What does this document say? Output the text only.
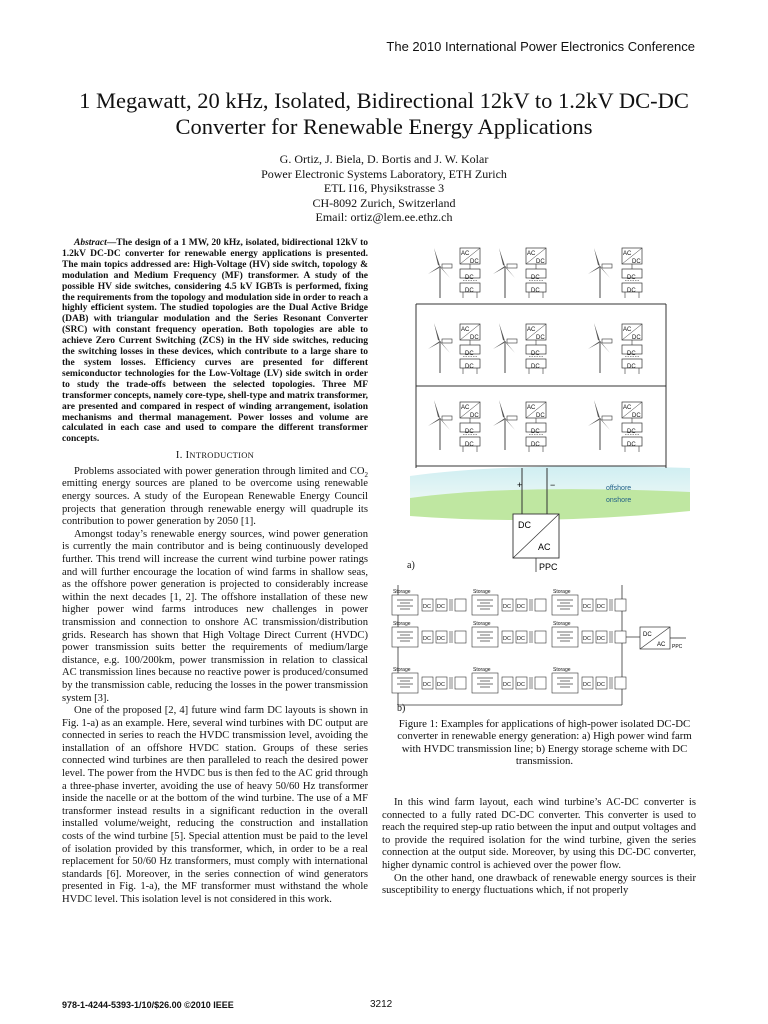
The 2010 International Power Electronics Conference
1 Megawatt, 20 kHz, Isolated, Bidirectional 12kV to 1.2kV DC-DC
Converter for Renewable Energy Applications
G. Ortiz, J. Biela, D. Bortis and J. W. Kolar
Power Electronic Systems Laboratory, ETH Zurich
ETL I16, Physikstrasse 3
CH-8092 Zurich, Switzerland
Email: ortiz@lem.ee.ethz.ch

Abstract—The design of a 1 MW, 20 kHz, isolated, bidirectional 12kV to 1.2kV DC-DC converter for renewable energy applications is presented. The main topics addressed are: High-Voltage (HV) side switch, topology & modulation and Medium Frequency (MF) transformer. A study of the possible HV side switches, considering 4.5 kV IGBTs is performed, fixing the requirements from the topology and modulation side in order to reach a highly efficient system. The studied topologies are the Dual Active Bridge (DAB) with triangular modulation and the Series Resonant Converter (SRC) with constant frequency operation. Both topologies are able to achieve Zero Current Switching (ZCS) in the HV side switches, reducing the switching losses in these devices, which contribute to a large share to the system losses. Efficiency curves are presented for different semiconductor technologies for the Low-Voltage (LV) side switch in order to study the trade-offs between the selected topologies. Three MF transformer concepts, namely core-type, shell-type and matrix transformer, are presented and compared in respect of winding arrangement, isolation mechanisms and thermal management. Power losses and volume are calculated in each case and used to compare the different transformer concepts.

I. INTRODUCTION

Problems associated with power generation through limited and $CO_2$ emitting energy sources are planed to be overcome using renewable energy sources. A study of the European Renewable Energy Council projects that generation through renewable energy will quadruple its contribution to power generation by 2050 [1].

Amongst today’s renewable energy sources, wind power generation is currently the main contributor and is being continuously developed further. This trend will increase the current wind turbine power ratings and will further encourage the location of wind farms in shallow seas, as the offshore power generation is projected to considerably increase within the next decades [1, 2]. The offshore installation of these new higher power wind farms introduces new challenges in power transmission and connection to onshore AC transmission/distribution grids. Research has shown that High Voltage Direct Current (HVDC) power transmission suits better the requirements of medium/large distance, e.g. 100/200km, power transmission in relation to classical AC transmission lines because no reactive power is produced/consumed by the transmission cable, reducing the losses in the power transmission system [3].

One of the proposed [2, 4] future wind farm DC layouts is shown in Fig. 1-a) as an example. Here, several wind turbines with DC output are connected in series to reach the HVDC transmission level, avoiding the installation of an offshore HVDC station. Groups of these series connected wind turbines are then paralleled to reach the desired power level. The power from the HVDC bus is then fed to the AC grid through a three-phase inverter, avoiding the use of heavy 50/60 Hz transformer inside the nacelle or at the bottom of the wind turbine. The use of a MF transformer instead results in a significant reduction in the overall installed volume/weight, reducing the construction and installation costs of the wind turbine [5]. Special attention must be paid to the level of isolation provided by this transformer, which, in order to be a real replacement for 50/60 Hz transformers, must comply with international standards [6]. Moreover, in the series connection of wind generators presented in Fig. 1-a), the MF transformer must withstand the whole HVDC level. This isolation level is not considered in this work.

AC
DC
AC
DC
AC
DC
DC	DC	DC
DC	DC	DC
AC
DC
AC
DC
AC
DC
DC	DC	DC
DC	DC	DC
AC
DC
AC
DC
AC
DC
DC	DC	DC
DC	DC	DC
+	−	offshore
onshore
DC
AC
PPC
a)
Storage	Storage	Storage
Storage	Storage	Storage
Storage	Storage	Storage
DC DC	DC DC	DC DC
DC DC	DC DC	DC DC
DC DC	DC DC	DC DC
DC
AC PPC
b)
Figure 1: Examples for applications of high-power isolated DC-DC converter in renewable energy generation: a) High power wind farm with HVDC transmission line; b) Energy storage scheme with DC transmission.

In this wind farm layout, each wind turbine’s AC-DC converter is connected to a fully rated DC-DC converter. This converter is used to reach the required step-up ratio between the input and output voltages and to provide the required isolation for the wind turbine, given the series connection at the output side. Moreover, by using this DC-DC converter, higher dynamic control is achieved over the power flow.

On the other hand, one drawback of renewable energy sources is their susceptibility to energy fluctuations which, if not properly

978-1-4244-5393-1/10/$26.00 ©2010 IEEE	3212
